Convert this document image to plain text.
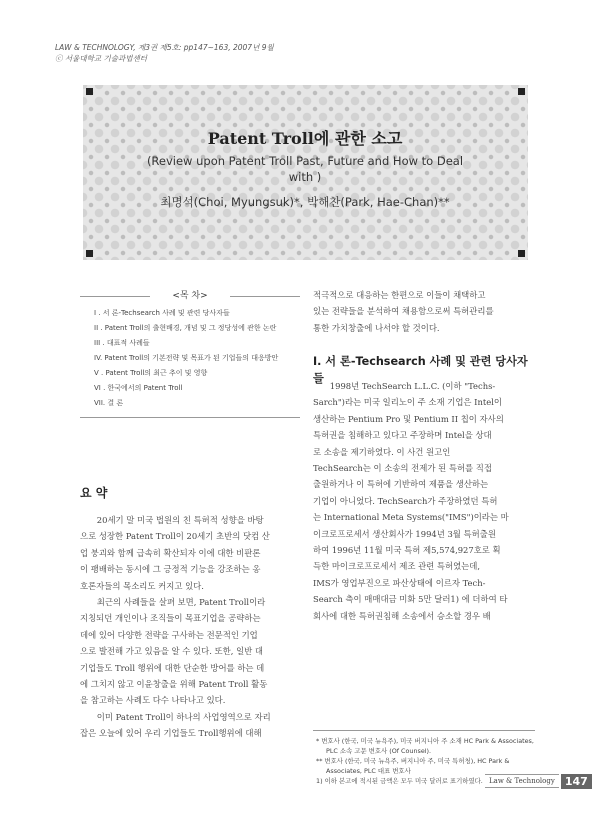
LAW & TECHNOLOGY, 제3권 제5호: pp147~163, 2007년 9월
ⓒ 서울대학교 기술과법센터
Patent Troll에 관한 소고
(Review upon Patent Troll Past, Future and How to Deal with )
최명석(Choi, Myungsuk)*, 박해찬(Park, Hae-Chan)**
<목 차>
I . 서 론-Techsearch 사례 및 관련 당사자들
II . Patent Troll의 출현배경, 개념 및 그 정당성에 관한 논란
III . 대표적 사례들
IV. Patent Troll의 기본전략 및 목표가 된 기업들의 대응방안
V . Patent Troll의 최근 추이 및 영향
VI . 한국에서의 Patent Troll
VII. 결 론
요 약

20세기 말 미국 법원의 친 특허적 성향을 바탕

으로 성장한 Patent Troll이 20세기 초반의 닷컴 산

업 붕괴와 함께 급속히 확산되자 이에 대한 비판론

이 팽배하는 동시에 그 긍정적 기능을 강조하는 옹

호론자들의 목소리도 커지고 있다.

최근의 사례들을 살펴 보면, Patent Troll이라

지칭되던 개인이나 조직들이 목표기업을 공략하는

데에 있어 다양한 전략을 구사하는 전문적인 기업

으로 발전해 가고 있음을 알 수 있다. 또한, 일반 대

기업들도 Troll 행위에 대한 단순한 방어를 하는 데

에 그치지 않고 이윤창출을 위해 Patent Troll 활동

을 참고하는 사례도 다수 나타나고 있다.

이미 Patent Troll이 하나의 사업영역으로 자리

잡은 오늘에 있어 우리 기업들도 Troll행위에 대해

적극적으로 대응하는 한편으로 이들이 채택하고

있는 전략들을 분석하여 채용함으로써 특허관리를

통한 가치창출에 나서야 할 것이다.

I. 서 론-Techsearch 사례 및 관련 당사자들

1998년 TechSearch L.L.C. (이하 "Techs-

Sarch")라는 미국 일리노이 주 소재 기업은 Intel이

생산하는 Pentium Pro 및 Pentium II 칩이 자사의

특허권을 침해하고 있다고 주장하며 Intel을 상대

로 소송을 제기하였다. 이 사건 원고인

TechSearch는 이 소송의 전제가 된 특허를 직접

출원하거나 이 특허에 기반하여 제품을 생산하는

기업이 아니었다. TechSearch가 주장하였던 특허

는 International Meta Systems("IMS")이라는 마

이크로프로세서 생산회사가 1994년 3월 특허출원

하여 1996년 11월 미국 특허 제5,574,927호로 획

득한 마이크로프로세서 제조 관련 특허였는데,

IMS가 영업부진으로 파산상태에 이르자 Tech-

Search 측이 매매대금 미화 5만 달러1) 에 더하여 타

회사에 대한 특허권침해 소송에서 승소할 경우 배

* 변호사 (한국, 미국 뉴욕주), 미국 버지니아 주 소재 HC Park & Associates, PLC 소속 고문 변호사 (Of Counsel).
** 변호사 (한국, 미국 뉴욕주, 버지니아 주, 미국 특허청), HC Park & Associates, PLC 대표 변호사
1) 이하 본고에 적시된 금액은 모두 미국 달러로 표기하였다. Law & Technology 147
